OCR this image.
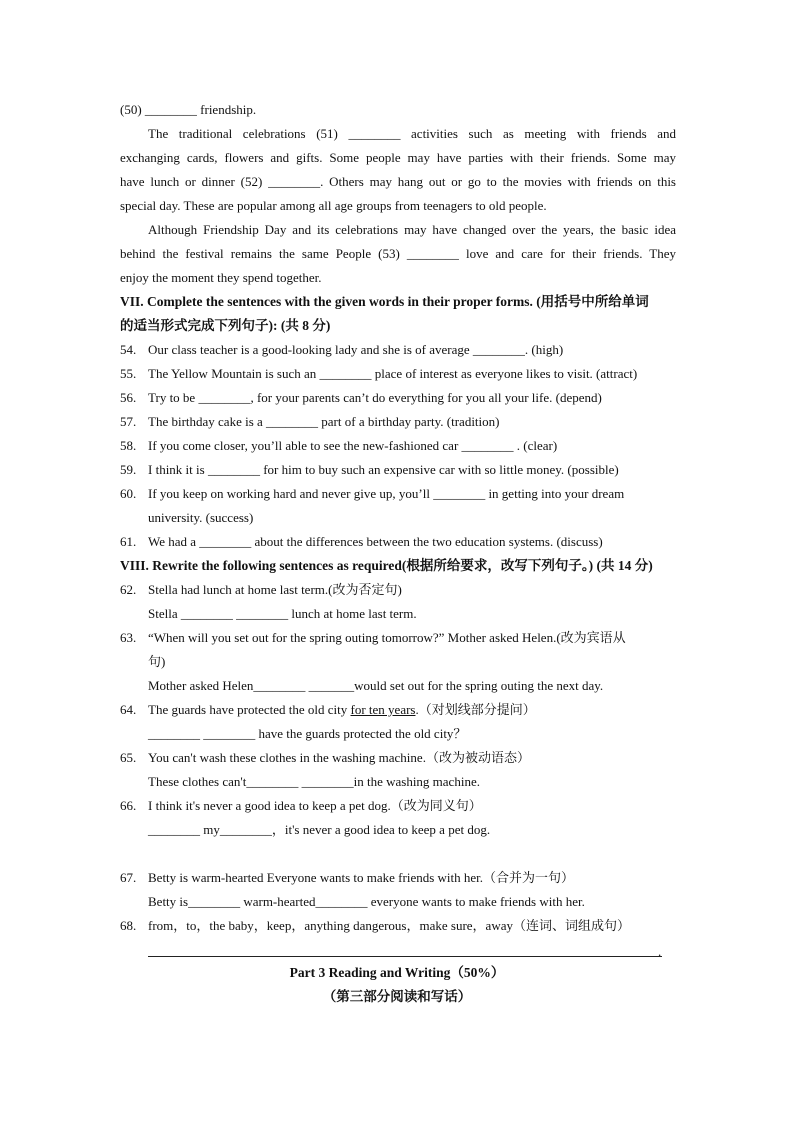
(50) ________ friendship.
The traditional celebrations (51) ________ activities such as meeting with friends and
exchanging cards, flowers and gifts. Some people may have parties with their friends. Some may
have lunch or dinner (52) ________. Others may hang out or go to the movies with friends on this
special day. These are popular among all age groups from teenagers to old people.
Although Friendship Day and its celebrations may have changed over the years, the basic idea
behind the festival remains the same People (53) ________ love and care for their friends. They
enjoy the moment they spend together.
VII. Complete the sentences with the given words in their proper forms. (用括号中所给单词
的适当形式完成下列句子): (共 8 分)
54. Our class teacher is a good-looking lady and she is of average ________. (high)
55. The Yellow Mountain is such an ________ place of interest as everyone likes to visit. (attract)
56. Try to be ________, for your parents can’t do everything for you all your life. (depend)
57. The birthday cake is a ________ part of a birthday party. (tradition)
58. If you come closer, you’ll able to see the new-fashioned car ________ . (clear)
59. I think it is ________ for him to buy such an expensive car with so little money. (possible)
60. If you keep on working hard and never give up, you’ll ________ in getting into your dream
university. (success)
61. We had a ________ about the differences between the two education systems. (discuss)
VIII. Rewrite the following sentences as required(根据所给要求，改写下列句子。) (共 14 分)
62. Stella had lunch at home last term.(改为否定句)
Stella ________ ________ lunch at home last term.
63. “When will you set out for the spring outing tomorrow?” Mother asked Helen.(改为宾语从
句)
Mother asked Helen________ _______would set out for the spring outing the next day.
64. The guards have protected the old city for ten years.（对划线部分提问）
________ ________ have the guards protected the old city？
65. You can't wash these clothes in the washing machine.（改为被动语态）
These clothes can't________ ________in the washing machine.
66. I think it's never a good idea to keep a pet dog.（改为同义句）
________ my________，it's never a good idea to keep a pet dog.
67. Betty is warm-hearted Everyone wants to make friends with her.（合并为一句）
Betty is________ warm-hearted________ everyone wants to make friends with her.
68. from，to，the baby，keep，anything dangerous，make sure，away（连词、词组成句）
.
Part 3 Reading and Writing（50%）
（第三部分阅读和写话）
